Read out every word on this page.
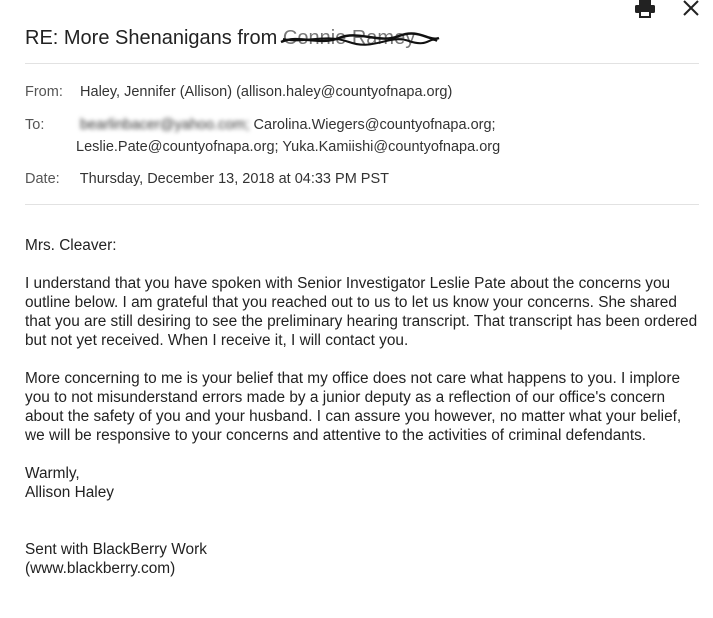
RE: More Shenanigans from Connie Ramey
From: Haley, Jennifer (Allison) (allison.haley@countyofnapa.org)
To: bearlinbacer@yahoo.com; Carolina.Wiegers@countyofnapa.org;
Leslie.Pate@countyofnapa.org; Yuka.Kamiishi@countyofnapa.org
Date: Thursday, December 13, 2018 at 04:33 PM PST

Mrs. Cleaver:

I understand that you have spoken with Senior Investigator Leslie Pate about the concerns you outline below. I am grateful that you reached out to us to let us know your concerns. She shared that you are still desiring to see the preliminary hearing transcript. That transcript has been ordered but not yet received. When I receive it, I will contact you.

More concerning to me is your belief that my office does not care what happens to you. I implore you to not misunderstand errors made by a junior deputy as a reflection of our office's concern about the safety of you and your husband. I can assure you however, no matter what your belief, we will be responsive to your concerns and attentive to the activities of criminal defendants.

Warmly,

Allison Haley

Sent with BlackBerry Work

(www.blackberry.com)
